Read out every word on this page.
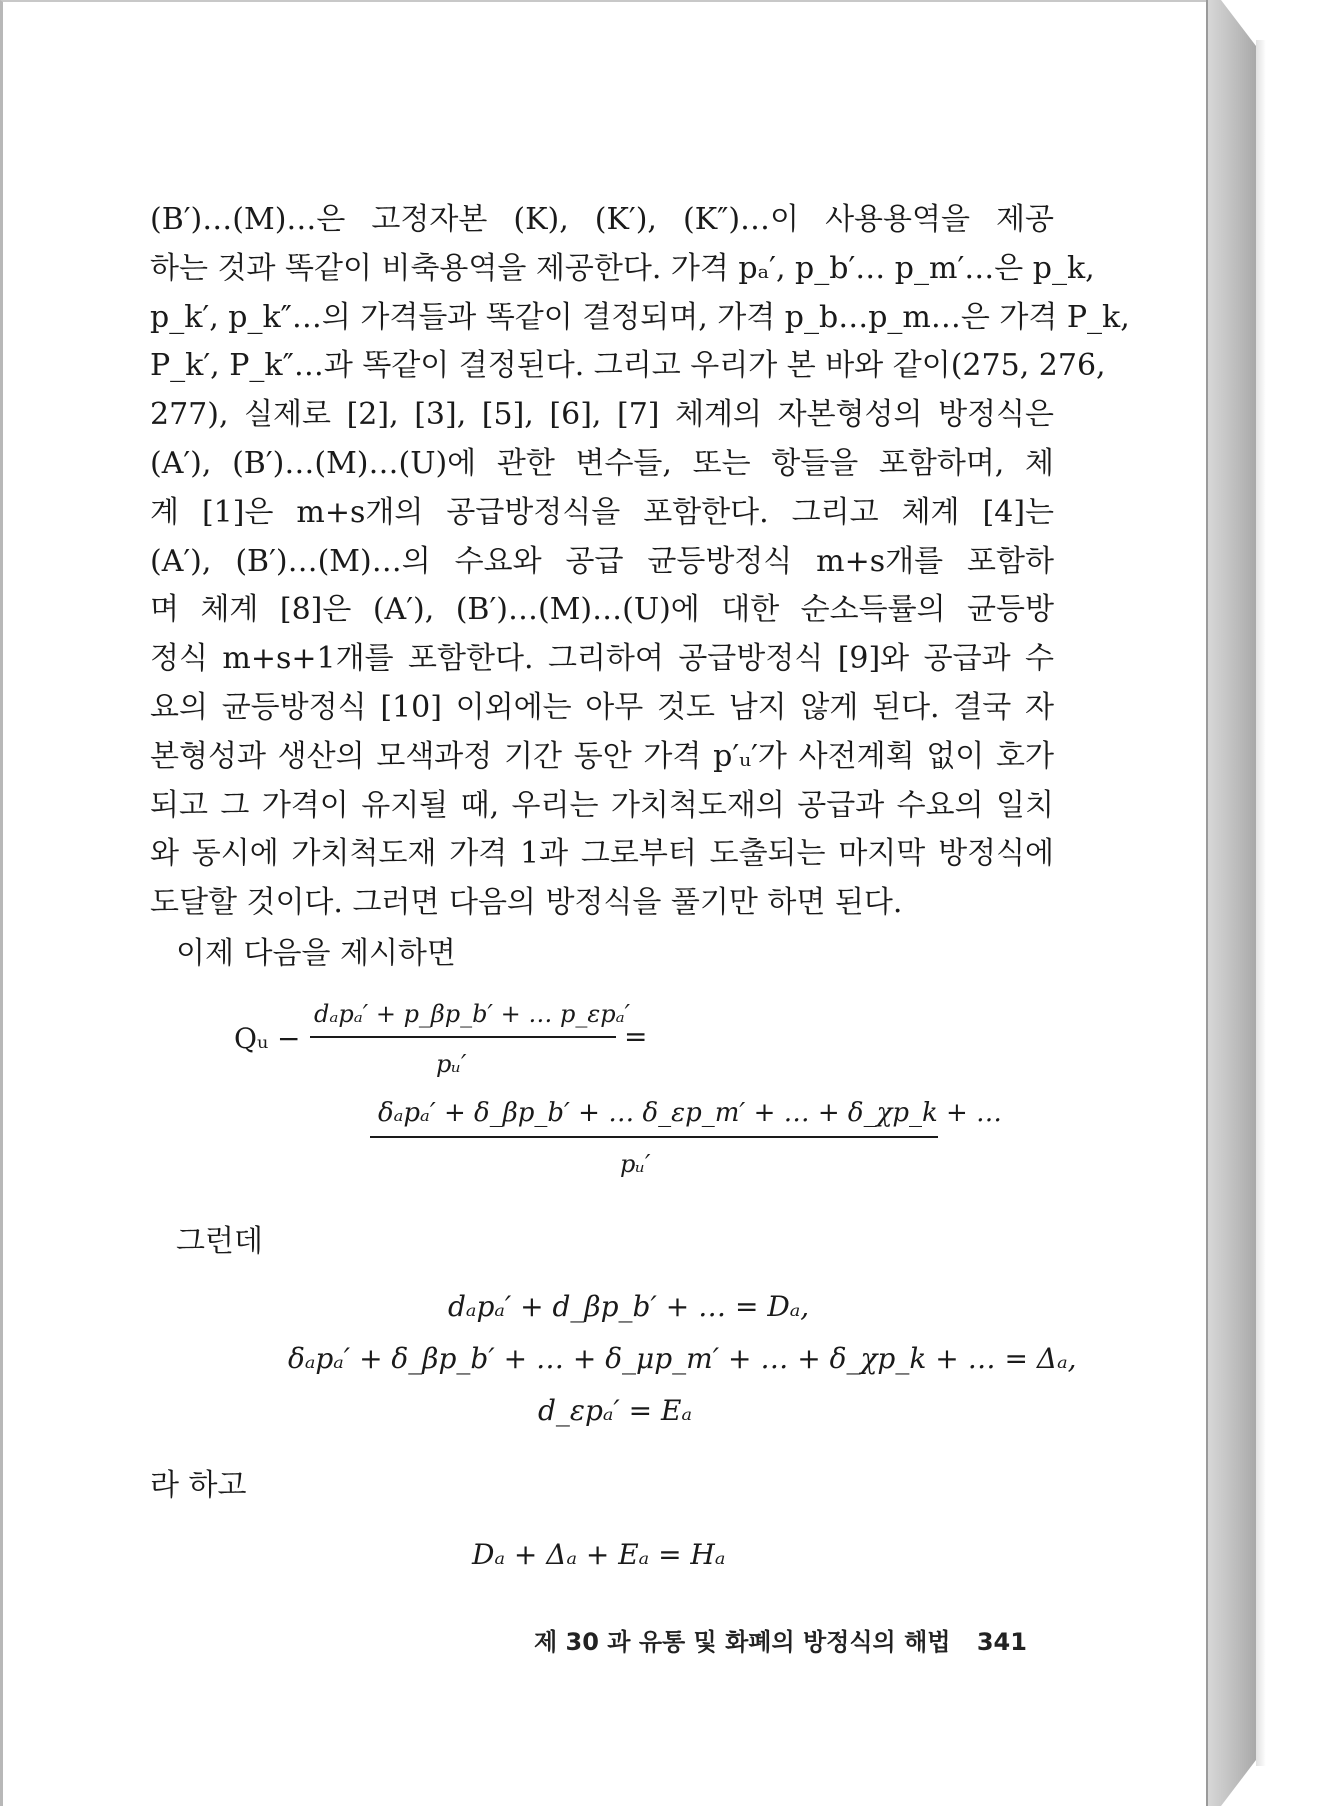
(B′)…(M)…은 고정자본 (K), (K′), (K″)…이 사용용역을 제공
하는 것과 똑같이 비축용역을 제공한다. 가격 pₐ′, p_b′… p_m′…은 p_k,
p_k′, p_k″…의 가격들과 똑같이 결정되며, 가격 p_b…p_m…은 가격 P_k,
P_k′, P_k″…과 똑같이 결정된다. 그리고 우리가 본 바와 같이(275, 276,
277), 실제로 [2], [3], [5], [6], [7] 체계의 자본형성의 방정식은
(A′), (B′)…(M)…(U)에 관한 변수들, 또는 항들을 포함하며, 체
계 [1]은 m+s개의 공급방정식을 포함한다. 그리고 체계 [4]는
(A′), (B′)…(M)…의 수요와 공급 균등방정식 m+s개를 포함하
며 체계 [8]은 (A′), (B′)…(M)…(U)에 대한 순소득률의 균등방
정식 m+s+1개를 포함한다. 그리하여 공급방정식 [9]와 공급과 수
요의 균등방정식 [10] 이외에는 아무 것도 남지 않게 된다. 결국 자
본형성과 생산의 모색과정 기간 동안 가격 p′ᵤ′가 사전계획 없이 호가
되고 그 가격이 유지될 때, 우리는 가치척도재의 공급과 수요의 일치
와 동시에 가치척도재 가격 1과 그로부터 도출되는 마지막 방정식에
도달할 것이다. 그러면 다음의 방정식을 풀기만 하면 된다.
이제 다음을 제시하면
Qᵤ −
dₐpₐ′ + p_βp_b′ + … p_εpₐ′
pᵤ′
=
δₐpₐ′ + δ_βp_b′ + … δ_εp_m′ + … + δ_χp_k + …
pᵤ′
그런데
dₐpₐ′ + d_βp_b′ + … = Dₐ,
δₐpₐ′ + δ_βp_b′ + … + δ_μp_m′ + … + δ_χp_k + … = Δₐ,
d_εpₐ′ = Eₐ
라 하고
Dₐ + Δₐ + Eₐ = Hₐ
제 30 과 유통 및 화폐의 방정식의 해법 341
